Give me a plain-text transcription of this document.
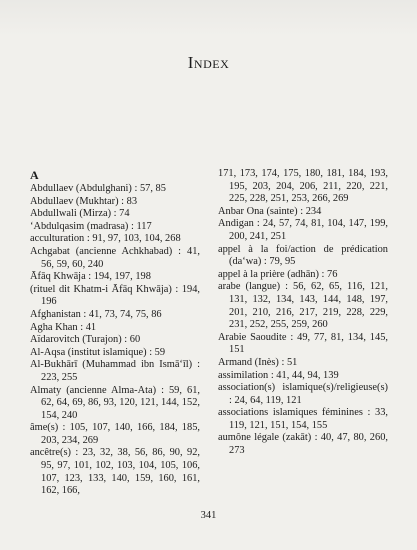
Index
A
Abdullaev (Abdulghani) : 57, 85
Abdullaev (Mukhtar) : 83
Abdullwali (Mirza) : 74
‘Abdulqasim (madrasa) : 117
acculturation : 91, 97, 103, 104, 268
Achgabat (ancienne Achkhabad) : 41, 56, 59, 60, 240
Āfāq Khwāja : 194, 197, 198
(rituel dit Khatm-i Āfāq Khwāja) : 194, 196
Afghanistan : 41, 73, 74, 75, 86
Agha Khan : 41
Aïdarovitch (Turajon) : 60
Al-Aqsa (institut islamique) : 59
Al-Bukhārī (Muhammad ibn Ismā‘īl) : 223, 255
Almaty (ancienne Alma-Ata) : 59, 61, 62, 64, 69, 86, 93, 120, 121, 144, 152, 154, 240
âme(s) : 105, 107, 140, 166, 184, 185, 203, 234, 269
ancêtre(s) : 23, 32, 38, 56, 86, 90, 92, 95, 97, 101, 102, 103, 104, 105, 106, 107, 123, 133, 140, 159, 160, 161, 162, 166,
171, 173, 174, 175, 180, 181, 184, 193, 195, 203, 204, 206, 211, 220, 221, 225, 228, 251, 253, 266, 269
Anbar Ona (sainte) : 234
Andigan : 24, 57, 74, 81, 104, 147, 199, 200, 241, 251
appel à la foi/action de prédication (da‘wa) : 79, 95
appel à la prière (adhān) : 76
arabe (langue) : 56, 62, 65, 116, 121, 131, 132, 134, 143, 144, 148, 197, 201, 210, 216, 217, 219, 228, 229, 231, 252, 255, 259, 260
Arabie Saoudite : 49, 77, 81, 134, 145, 151
Armand (Inès) : 51
assimilation : 41, 44, 94, 139
association(s) islamique(s)/religieuse(s) : 24, 64, 119, 121
associations islamiques féminines : 33, 119, 121, 151, 154, 155
aumône légale (zakāt) : 40, 47, 80, 260, 273
341
